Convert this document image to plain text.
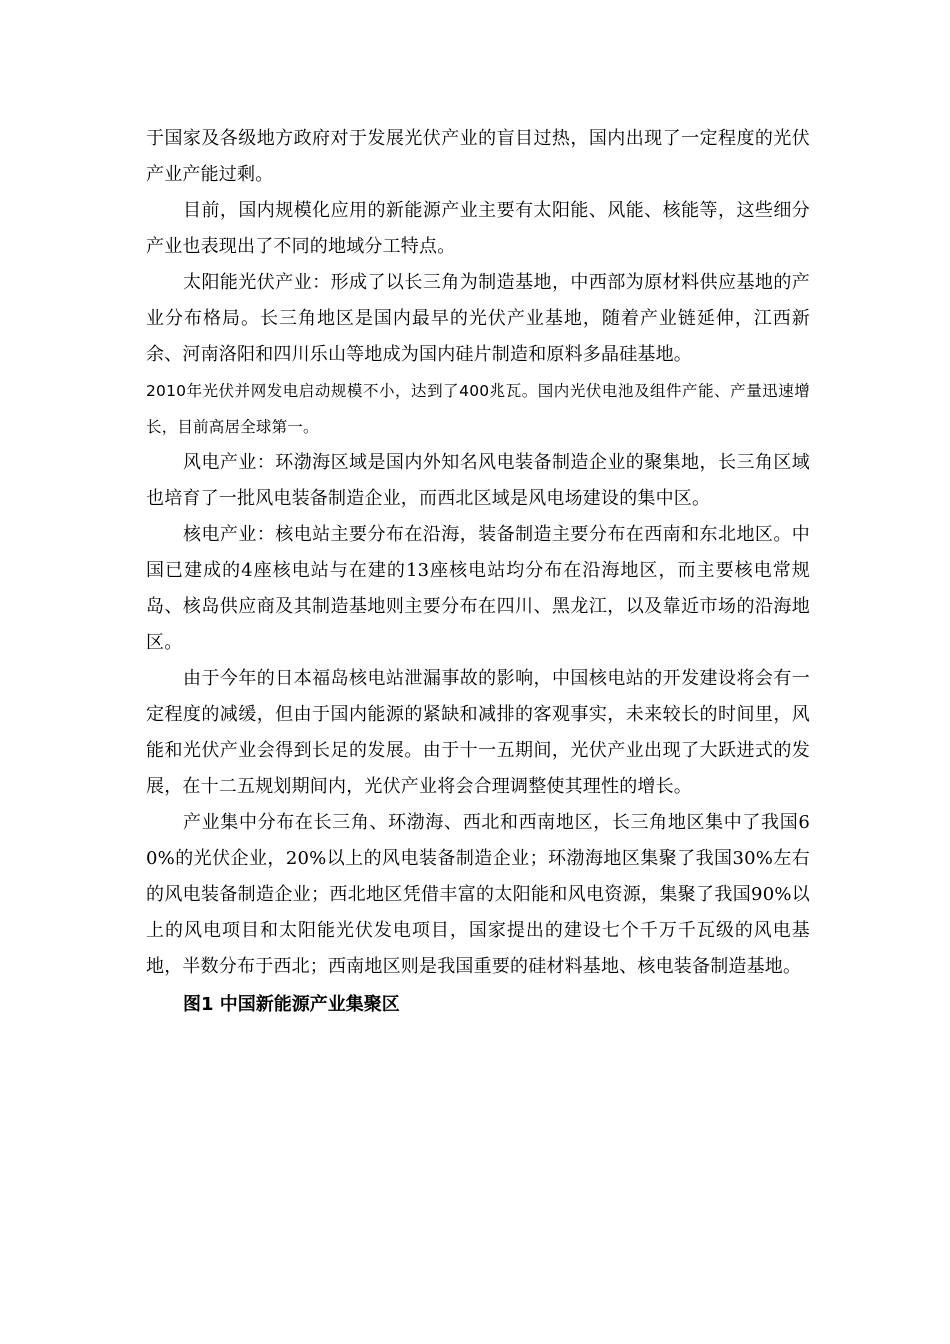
于国家及各级地方政府对于发展光伏产业的盲目过热，国内出现了一定程度的光伏产业产能过剩。

目前，国内规模化应用的新能源产业主要有太阳能、风能、核能等，这些细分产业也表现出了不同的地域分工特点。

太阳能光伏产业：形成了以长三角为制造基地，中西部为原材料供应基地的产业分布格局。长三角地区是国内最早的光伏产业基地，随着产业链延伸，江西新余、河南洛阳和四川乐山等地成为国内硅片制造和原料多晶硅基地。

2010年光伏并网发电启动规模不小，达到了400兆瓦。国内光伏电池及组件产能、产量迅速增长，目前高居全球第一。

风电产业：环渤海区域是国内外知名风电装备制造企业的聚集地，长三角区域也培育了一批风电装备制造企业，而西北区域是风电场建设的集中区。

核电产业：核电站主要分布在沿海，装备制造主要分布在西南和东北地区。中国已建成的4座核电站与在建的13座核电站均分布在沿海地区，而主要核电常规岛、核岛供应商及其制造基地则主要分布在四川、黑龙江，以及靠近市场的沿海地区。

由于今年的日本福岛核电站泄漏事故的影响，中国核电站的开发建设将会有一定程度的减缓，但由于国内能源的紧缺和减排的客观事实，未来较长的时间里，风能和光伏产业会得到长足的发展。由于十一五期间，光伏产业出现了大跃进式的发展，在十二五规划期间内，光伏产业将会合理调整使其理性的增长。

产业集中分布在长三角、环渤海、西北和西南地区，长三角地区集中了我国60%的光伏企业，20%以上的风电装备制造企业；环渤海地区集聚了我国30%左右的风电装备制造企业；西北地区凭借丰富的太阳能和风电资源，集聚了我国90%以上的风电项目和太阳能光伏发电项目，国家提出的建设七个千万千瓦级的风电基地，半数分布于西北；西南地区则是我国重要的硅材料基地、核电装备制造基地。

图1 中国新能源产业集聚区
